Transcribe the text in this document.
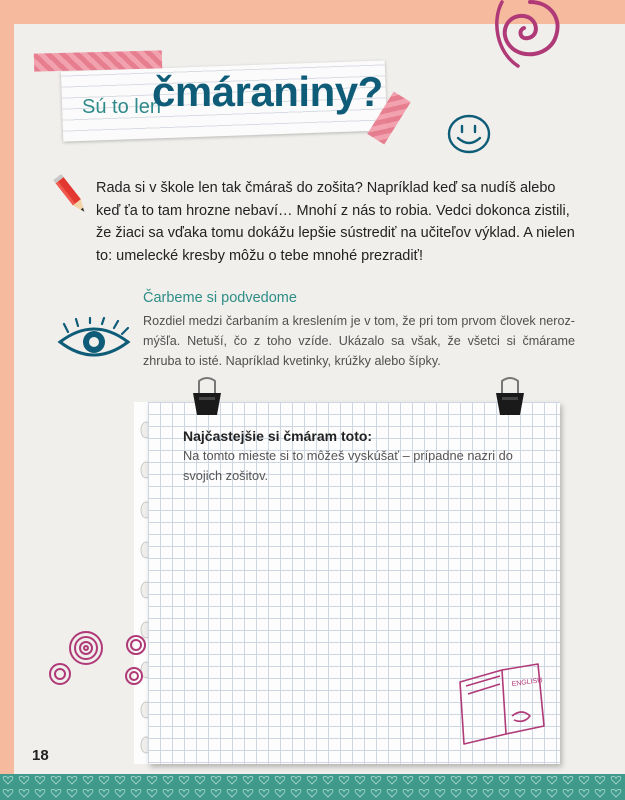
Sú to len
čmáraniny?

Rada si v škole len tak čmáraš do zošita? Napríklad keď sa nudíš alebo keď ťa to tam hrozne nebaví… Mnohí z nás to robia. Vedci dokonca zistili, že žiaci sa vďaka tomu dokážu lepšie sústrediť na učiteľov výklad. A nielen to: umelecké kresby môžu o tebe mnohé prezradiť!

Čarbeme si podvedome

Rozdiel medzi čarbaním a kreslením je v tom, že pri tom prvom človek nerozmýšľa. Netuší, čo z toho vzíde. Ukázalo sa však, že všetci si čmárame zhruba to isté. Napríklad kvetinky, krúžky alebo šípky.

Najčastejšie si čmáram toto:

Na tomto mieste si to môžeš vyskúšať – prípadne nazri do svojich zošitov.

ENGLISH
18
